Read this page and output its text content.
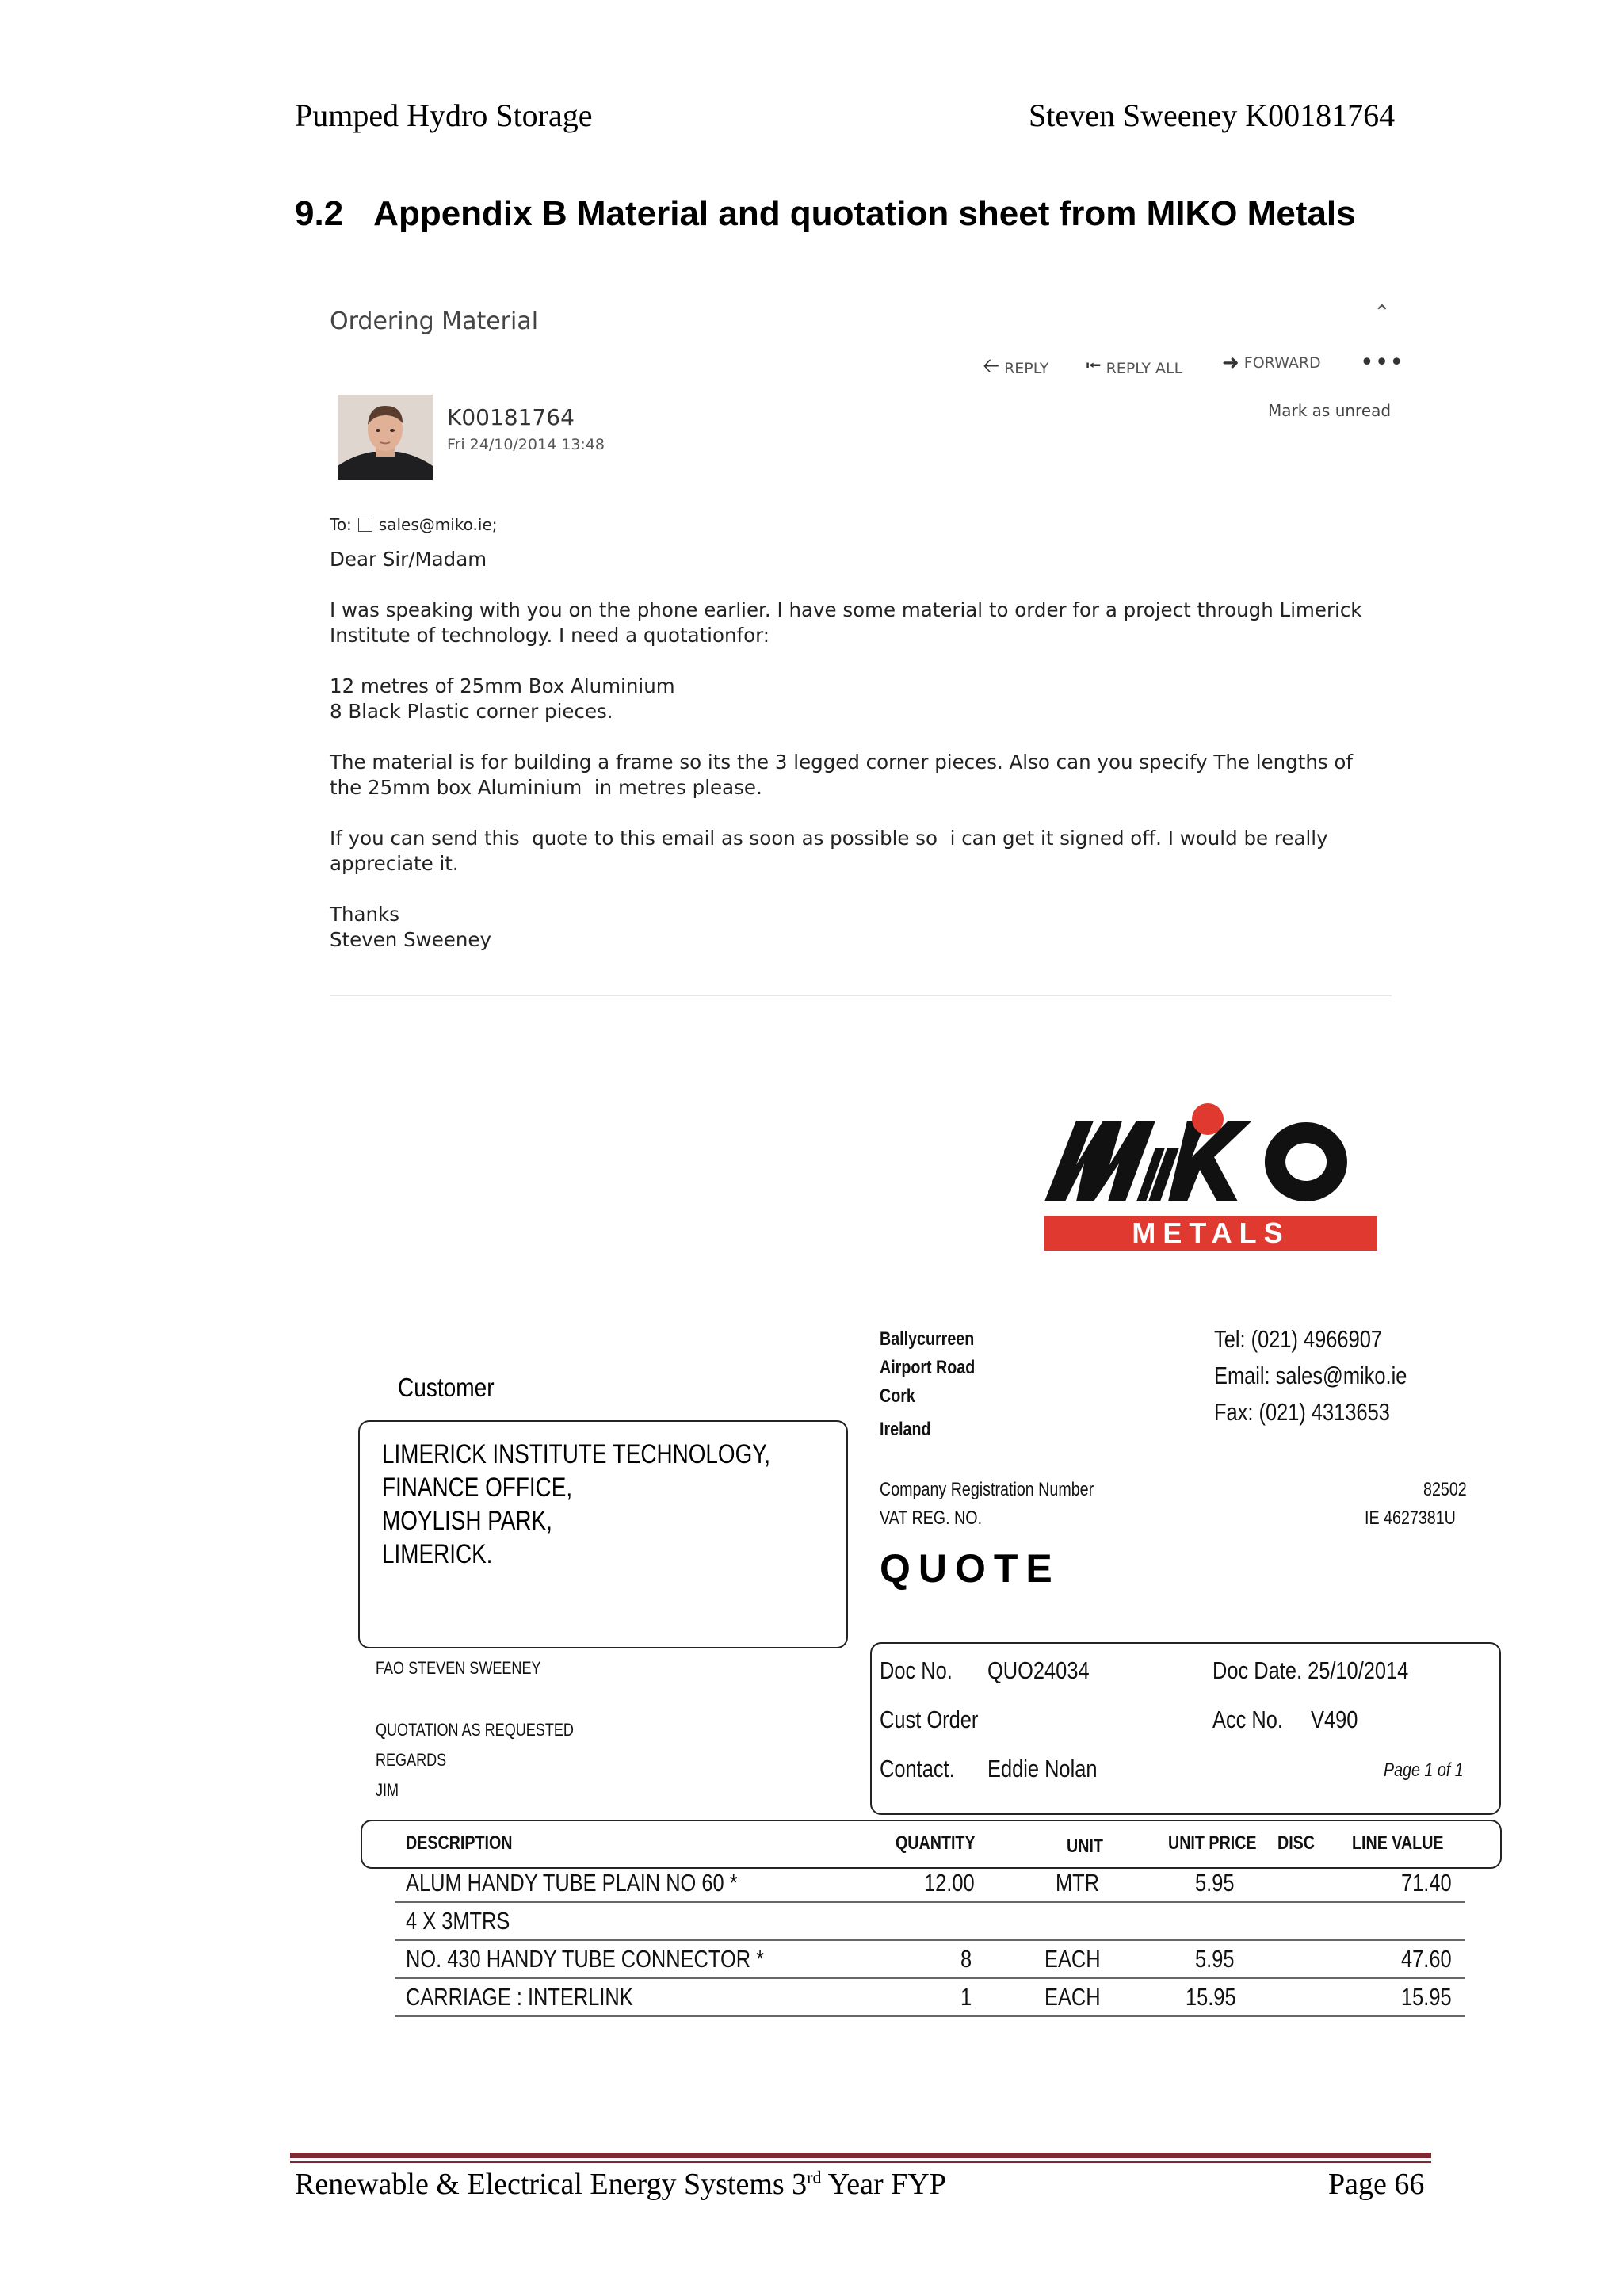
Pumped Hydro Storage	Steven Sweeney K00181764
9.2 Appendix B Material and quotation sheet from MIKO Metals
Ordering Material	⌃
🡠 REPLY ⭰ REPLY ALL ➜ FORWARD •••
Mark as unread
K00181764
Fri 24/10/2014 13:48
To: sales@miko.ie;

Dear Sir/Madam

I was speaking with you on the phone earlier. I have some material to order for a project through Limerick Institute of technology. I need a quotationfor:

12 metres of 25mm Box Aluminium

8 Black Plastic corner pieces.

The material is for building a frame so its the 3 legged corner pieces. Also can you specify The lengths of the 25mm box Aluminium  in metres please.

If you can send this  quote to this email as soon as possible so  i can get it signed off. I would be really appreciate it.

Thanks
Steven Sweeney
METALS
Ballycurreen
Airport Road
Cork
Ireland
Tel: (021) 4966907
Email: sales@miko.ie
Fax: (021) 4313653
Customer
LIMERICK INSTITUTE TECHNOLOGY,
FINANCE OFFICE,
MOYLISH PARK,
LIMERICK.
Company Registration Number	82502
VAT REG. NO.	IE 4627381U
QUOTE
FAO STEVEN SWEENEY
QUOTATION AS REQUESTED
REGARDS
JIM
Doc No. QUO24034	Doc Date. 25/10/2014
Cust Order	Acc No. V490
Contact. Eddie Nolan	Page 1 of 1
DESCRIPTION	QUANTITY	UNIT	UNIT PRICE DISC LINE VALUE
ALUM HANDY TUBE PLAIN NO 60 *	12.00	MTR	5.95	71.40
4 X 3MTRS
NO. 430 HANDY TUBE CONNECTOR *	8	EACH	5.95	47.60
CARRIAGE : INTERLINK	1	EACH	15.95	15.95
Renewable & Electrical Energy Systems 3rd Year FYP	Page 66
